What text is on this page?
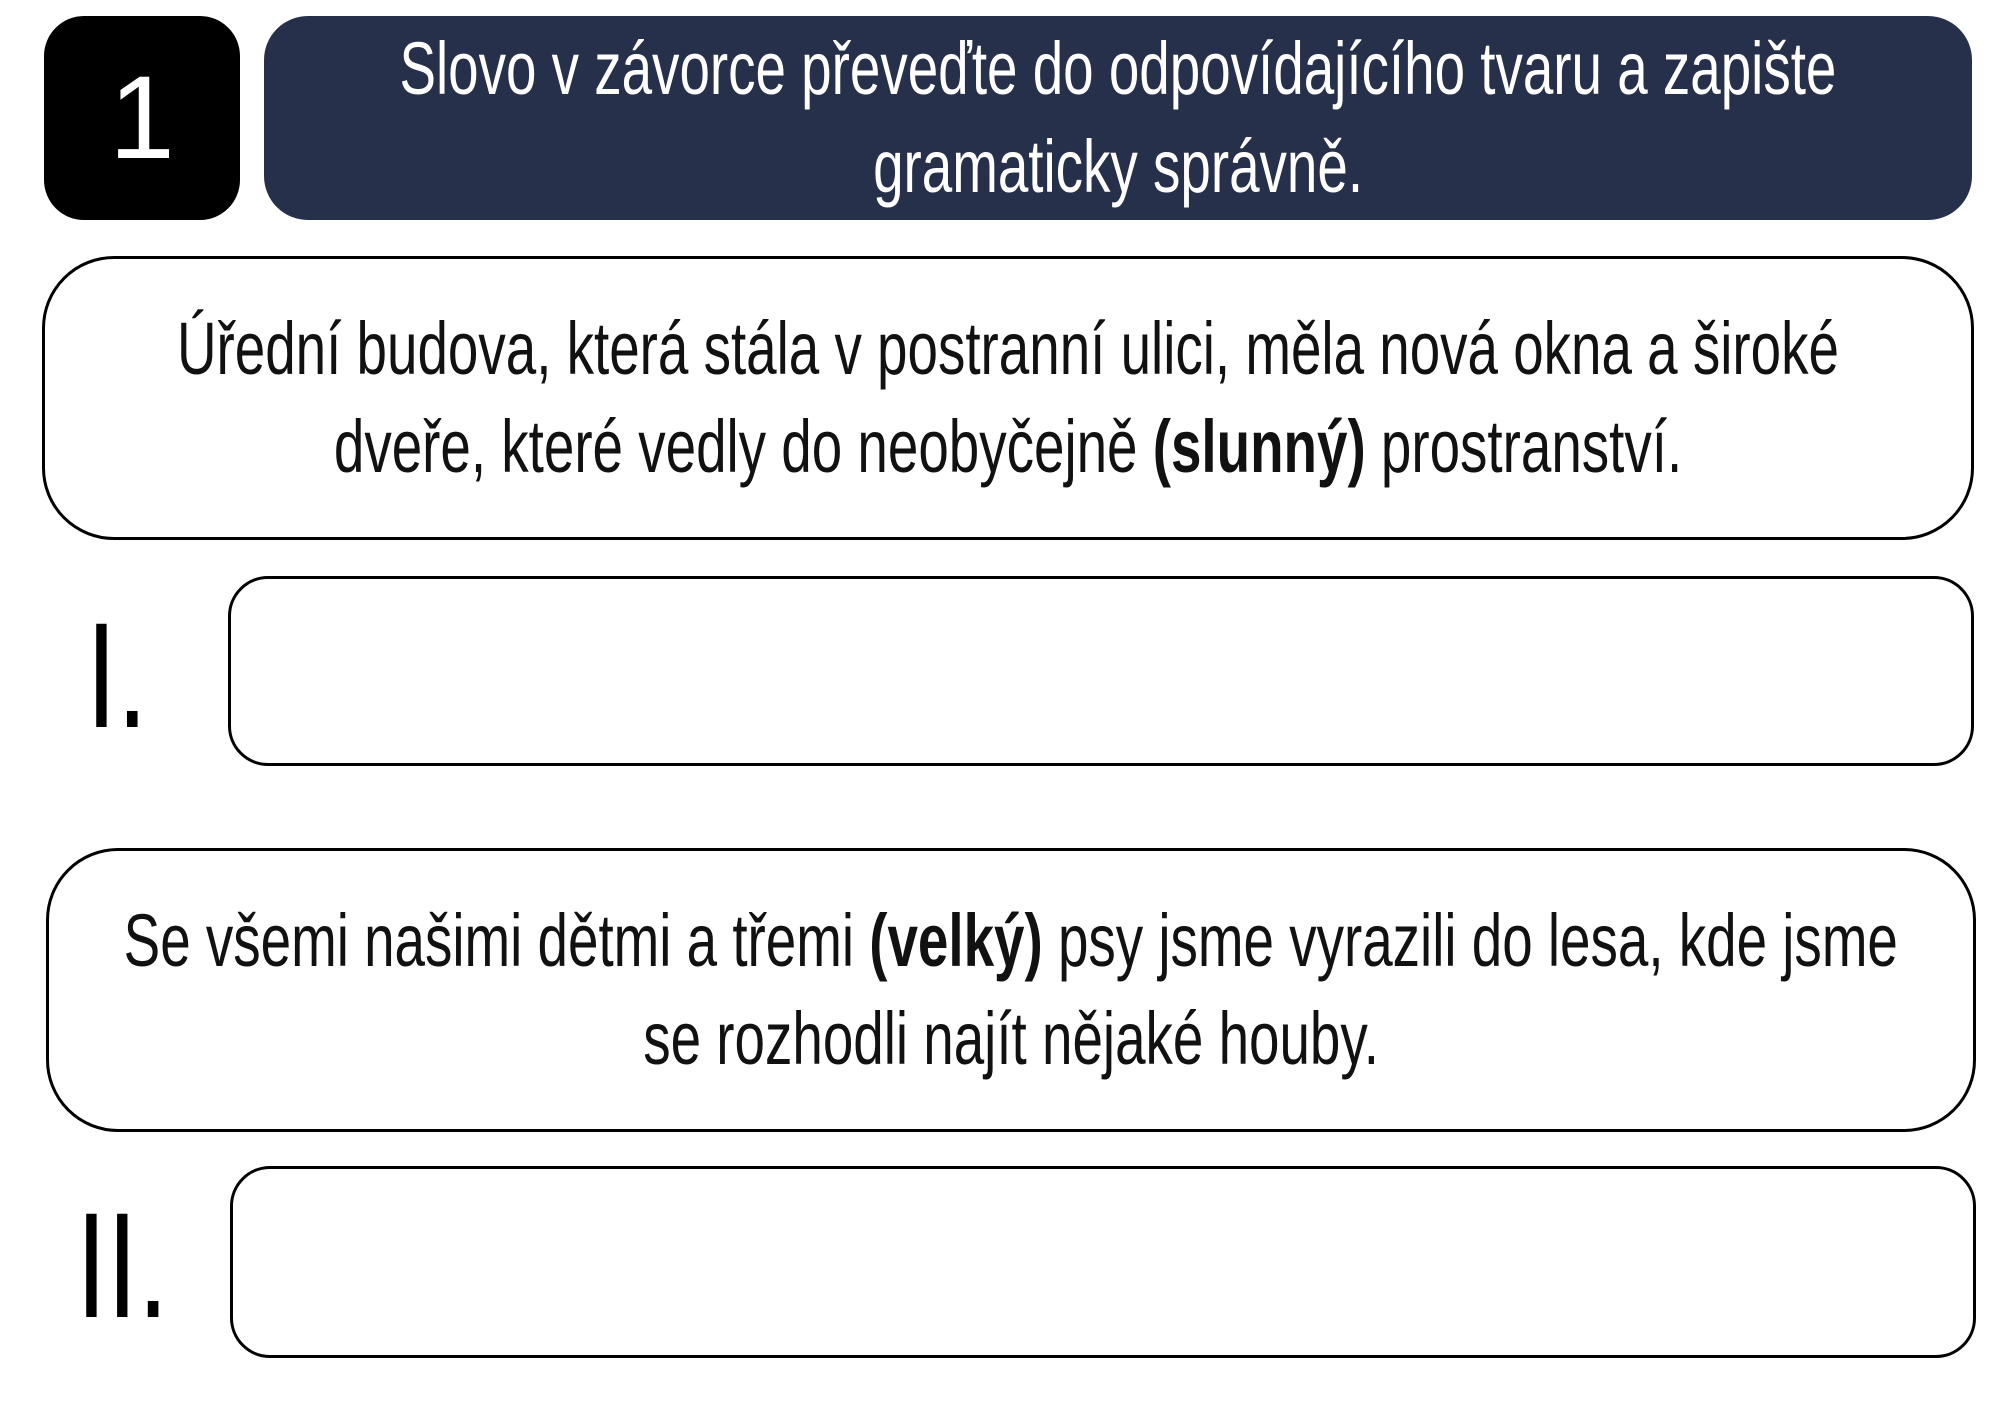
1	Slovo v závorce převeďte do odpovídajícího tvaru a zapište
gramaticky správně.
Úřední budova, která stála v postranní ulici, měla nová okna a široké
dveře, které vedly do neobyčejně (slunný) prostranství.
I.
Se všemi našimi dětmi a třemi (velký) psy jsme vyrazili do lesa, kde jsme
se rozhodli najít nějaké houby.
II.
